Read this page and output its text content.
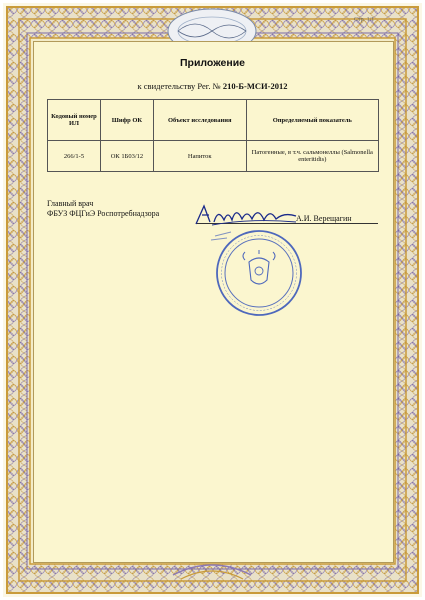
Стр. 1/1
Приложение
к свидетельству Рег. № 210-Б-МСИ-2012
Кодовый номер ИЛ	Шифр ОК	Объект исследования	Определяемый показатель
266/1-5	ОК 1Б03/12	Напиток	Патогенные, в т.ч. сальмонеллы (Salmonella enteritidis)
Главный врач
ФБУЗ ФЦГиЭ Роспотребнадзора
А.И. Верещагин
